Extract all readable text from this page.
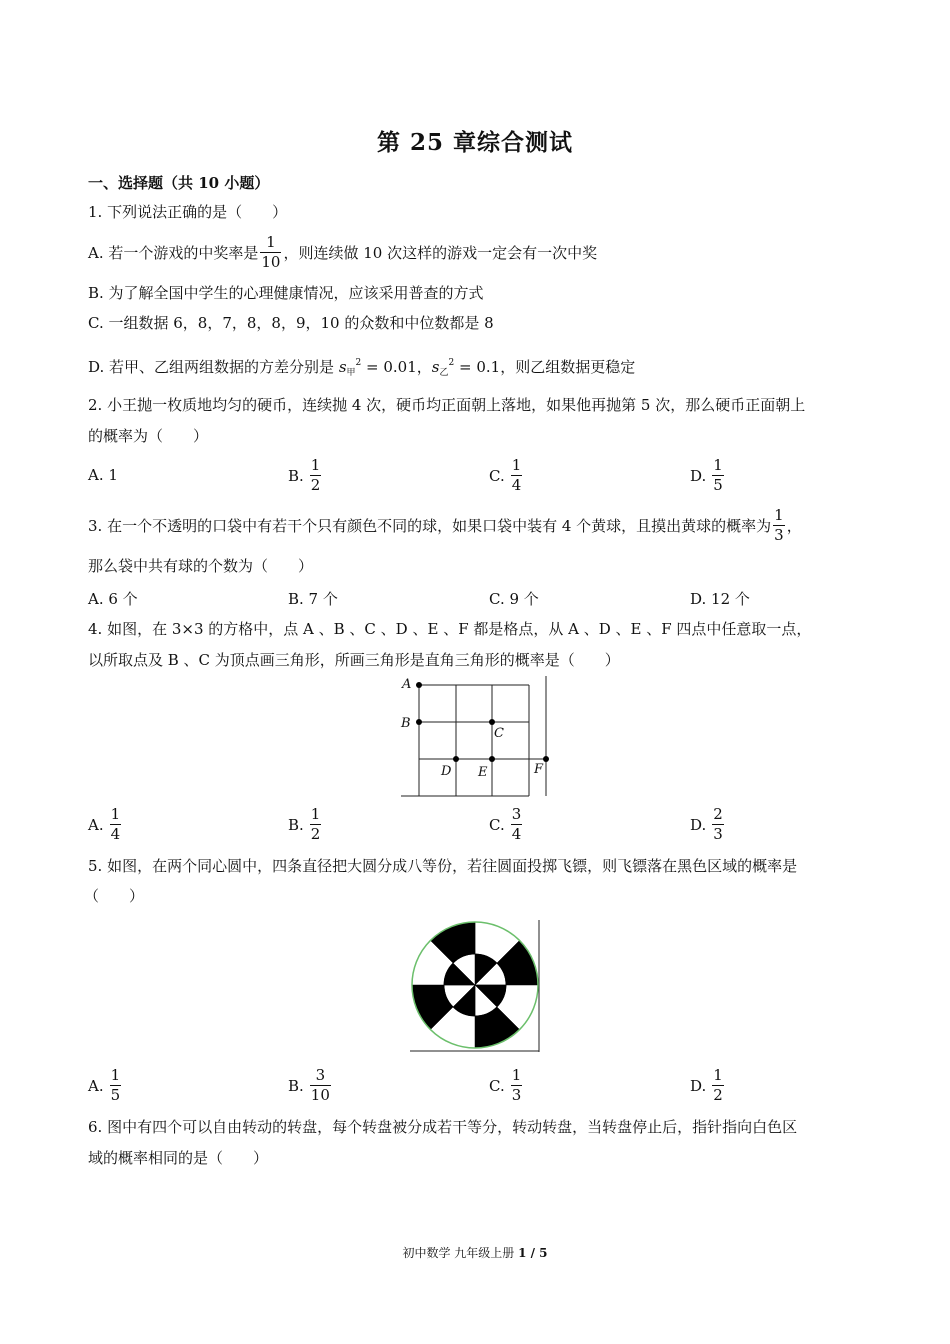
第 25 章综合测试
一、选择题（共 10 小题）
1. 下列说法正确的是（　　）
A. 若一个游戏的中奖率是 $\frac{1}{10}$ ，则连续做 10 次这样的游戏一定会有一次中奖
B. 为了解全国中学生的心理健康情况，应该采用普查的方式
C. 一组数据 6，8，7，8，8，9，10 的众数和中位数都是 8
D. 若甲、乙组两组数据的方差分别是 $s_甲^2 = 0.01$，$s_乙^2 = 0.1$，则乙组数据更稳定
2. 小王抛一枚质地均匀的硬币，连续抛 4 次，硬币均正面朝上落地，如果他再抛第 5 次，那么硬币正面朝上
的概率为（　　）
A. 1	B. $\frac{1}{2}$	C. $\frac{1}{4}$	D. $\frac{1}{5}$
3. 在一个不透明的口袋中有若干个只有颜色不同的球，如果口袋中装有 4 个黄球，且摸出黄球的概率为 $\frac{1}{3}$ ，
那么袋中共有球的个数为（　　）
A. 6 个	B. 7 个	C. 9 个	D. 12 个
4. 如图，在 3×3 的方格中，点 A 、B 、C 、D 、E 、F 都是格点，从 A 、D 、E 、F 四点中任意取一点，
以所取点及 B 、C 为顶点画三角形，所画三角形是直角三角形的概率是（　　）
A
B
C
D E	F
A. $\frac{1}{4}$	B. $\frac{1}{2}$	C. $\frac{3}{4}$	D. $\frac{2}{3}$
5. 如图，在两个同心圆中，四条直径把大圆分成八等份，若往圆面投掷飞镖，则飞镖落在黑色区域的概率是
（　　）
A. $\frac{1}{5}$	B. $\frac{3}{10}$	C. $\frac{1}{3}$	D. $\frac{1}{2}$
6. 图中有四个可以自由转动的转盘，每个转盘被分成若干等分，转动转盘，当转盘停止后，指针指向白色区
域的概率相同的是（　　）
初中数学 九年级上册 1 / 5
